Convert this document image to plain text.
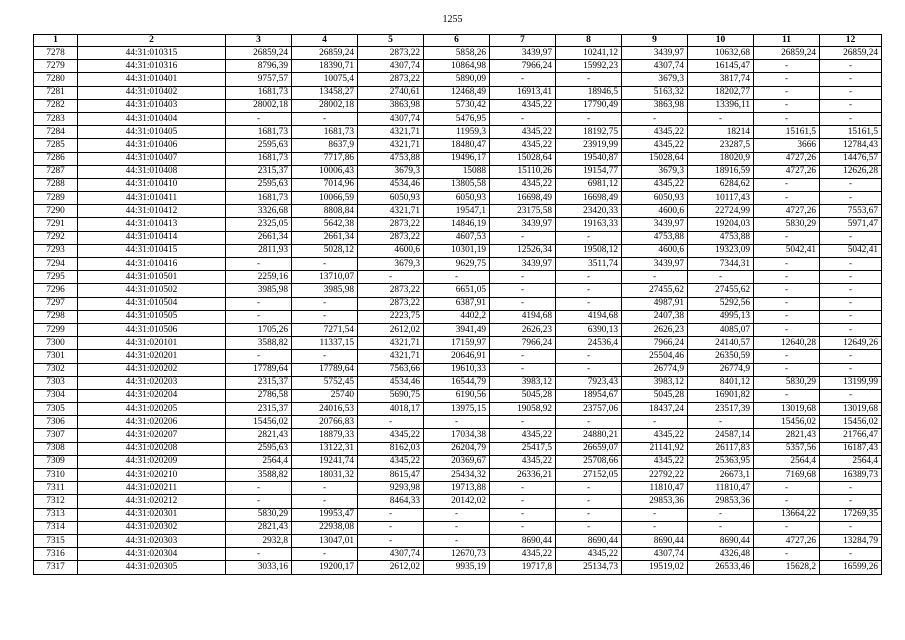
1255
1	2	3	4	5	6	7	8	9	10	11	12
7278	44:31:010315	26859,24	26859,24	2873,22	5858,26	3439,97	10241,12	3439,97	10632,68	26859,24	26859,24
7279	44:31:010316	8796,39	18390,71	4307,74	10864,98	7966,24	15992,23	4307,74	16145,47	-	-
7280	44:31:010401	9757,57	10075,4	2873,22	5890,09	-	-	3679,3	3817,74	-	-
7281	44:31:010402	1681,73	13458,27	2740,61	12468,49	16913,41	18946,5	5163,32	18202,77	-	-
7282	44:31:010403	28002,18	28002,18	3863,98	5730,42	4345,22	17790,49	3863,98	13396,11	-	-
7283	44:31:010404	-	-	4307,74	5476,95	-	-	-	-	-	-
7284	44:31:010405	1681,73	1681,73	4321,71	11959,3	4345,22	18192,75	4345,22	18214	15161,5	15161,5
7285	44:31:010406	2595,63	8637,9	4321,71	18480,47	4345,22	23919,99	4345,22	23287,5	3666	12784,43
7286	44:31:010407	1681,73	7717,86	4753,88	19496,17	15028,64	19540,87	15028,64	18020,9	4727,26	14476,57
7287	44:31:010408	2315,37	10006,43	3679,3	15088	15110,26	19154,77	3679,3	18916,59	4727,26	12626,28
7288	44:31:010410	2595,63	7014,96	4534,46	13805,58	4345,22	6981,12	4345,22	6284,62	-	-
7289	44:31:010411	1681,73	10066,59	6050,93	6050,93	16698,49	16698,49	6050,93	10117,43	-	-
7290	44:31:010412	3326,68	8808,84	4321,71	19547,1	23175,58	23420,33	4600,6	22724,99	4727,26	7553,67
7291	44:31:010413	2325,05	5642,38	2873,22	14846,19	3439,97	19163,33	3439,97	19204,03	5830,29	5971,47
7292	44:31:010414	2661,34	2661,34	2873,22	4607,53	-	-	4753,88	4753,88	-	-
7293	44:31:010415	2811,93	5028,12	4600,6	10301,19	12526,34	19508,12	4600,6	19323,09	5042,41	5042,41
7294	44:31:010416	-	-	3679,3	9629,75	3439,97	3511,74	3439,97	7344,31	-	-
7295	44:31:010501	2259,16	13710,07	-	-	-	-	-	-	-	-
7296	44:31:010502	3985,98	3985,98	2873,22	6651,05	-	-	27455,62	27455,62	-	-
7297	44:31:010504	-	-	2873,22	6387,91	-	-	4987,91	5292,56	-	-
7298	44:31:010505	-	-	2223,75	4402,2	4194,68	4194,68	2407,38	4995,13	-	-
7299	44:31:010506	1705,26	7271,54	2612,02	3941,49	2626,23	6390,13	2626,23	4085,07	-	-
7300	44:31:020101	3588,82	11337,15	4321,71	17159,97	7966,24	24536,4	7966,24	24140,57	12640,28	12649,26
7301	44:31:020201	-	-	4321,71	20646,91	-	-	25504,46	26350,59	-	-
7302	44:31:020202	17789,64	17789,64	7563,66	19610,33	-	-	26774,9	26774,9	-	-
7303	44:31:020203	2315,37	5752,45	4534,46	16544,79	3983,12	7923,43	3983,12	8401,12	5830,29	13199,99
7304	44:31:020204	2786,58	25740	5690,75	6190,56	5045,28	18954,67	5045,28	16901,82	-	-
7305	44:31:020205	2315,37	24016,53	4018,17	13975,15	19058,92	23757,06	18437,24	23517,39	13019,68	13019,68
7306	44:31:020206	15456,02	20766,83	-	-	-	-	-	-	15456,02	15456,02
7307	44:31:020207	2821,43	18879,33	4345,22	17034,38	4345,22	24880,21	4345,22	24587,14	2821,43	21766,47
7308	44:31:020208	2595,63	13122,31	8162,03	26204,79	25417,5	26659,07	21141,92	26117,83	5357,56	16187,43
7309	44:31:020209	2564,4	19241,74	4345,22	20369,67	4345,22	25708,66	4345,22	25363,95	2564,4	2564,4
7310	44:31:020210	3588,82	18031,32	8615,47	25434,32	26336,21	27152,05	22792,22	26673,1	7169,68	16389,73
7311	44:31:020211	-	-	9293,98	19713,88	-	-	11810,47	11810,47	-	-
7312	44:31:020212	-	-	8464,33	20142,02	-	-	29853,36	29853,36	-	-
7313	44:31:020301	5830,29	19953,47	-	-	-	-	-	-	13664,22	17269,35
7314	44:31:020302	2821,43	22938,08	-	-	-	-	-	-	-	-
7315	44:31:020303	2932,8	13047,01	-	-	8690,44	8690,44	8690,44	8690,44	4727,26	13284,79
7316	44:31:020304	-	-	4307,74	12670,73	4345,22	4345,22	4307,74	4326,48	-	-
7317	44:31:020305	3033,16	19200,17	2612,02	9935,19	19717,8	25134,73	19519,02	26533,46	15628,2	16599,26
